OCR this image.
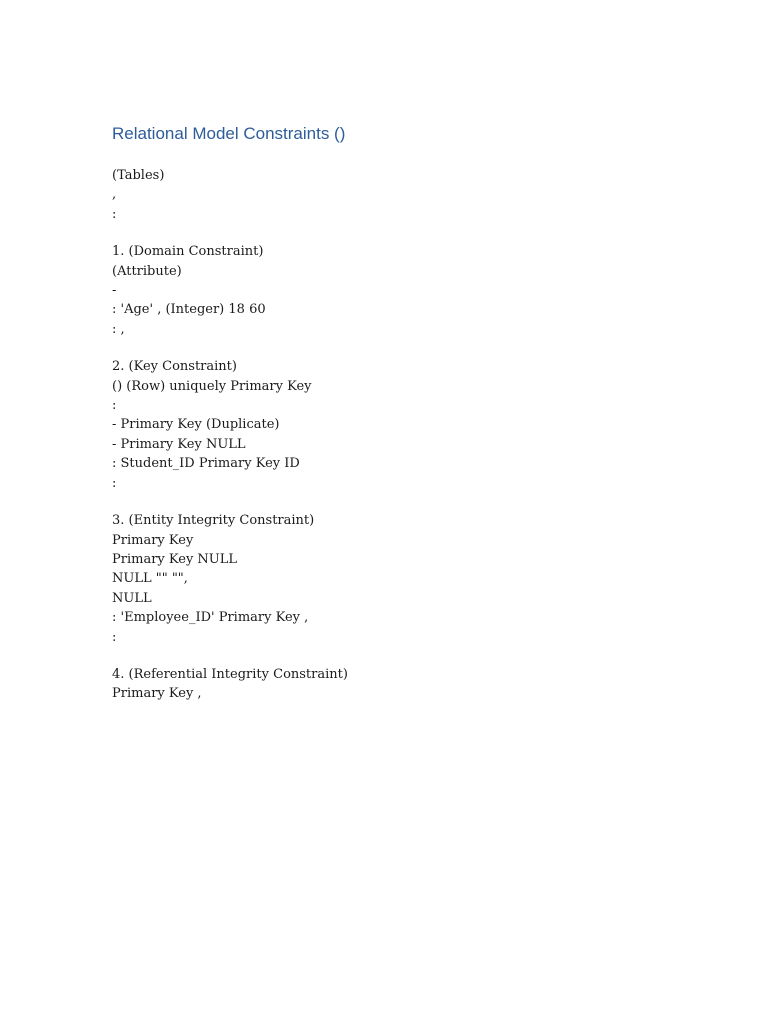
Relational Model Constraints ()
(Tables)
,
:
1. (Domain Constraint)
(Attribute)
-
: 'Age' , (Integer) 18 60
: ,
2. (Key Constraint)
() (Row) uniquely Primary Key
:
- Primary Key (Duplicate)
- Primary Key NULL
: Student_ID Primary Key ID
:
3. (Entity Integrity Constraint)
Primary Key
Primary Key NULL
NULL "" "",
NULL
: 'Employee_ID' Primary Key ,
:
4. (Referential Integrity Constraint)
Primary Key ,
